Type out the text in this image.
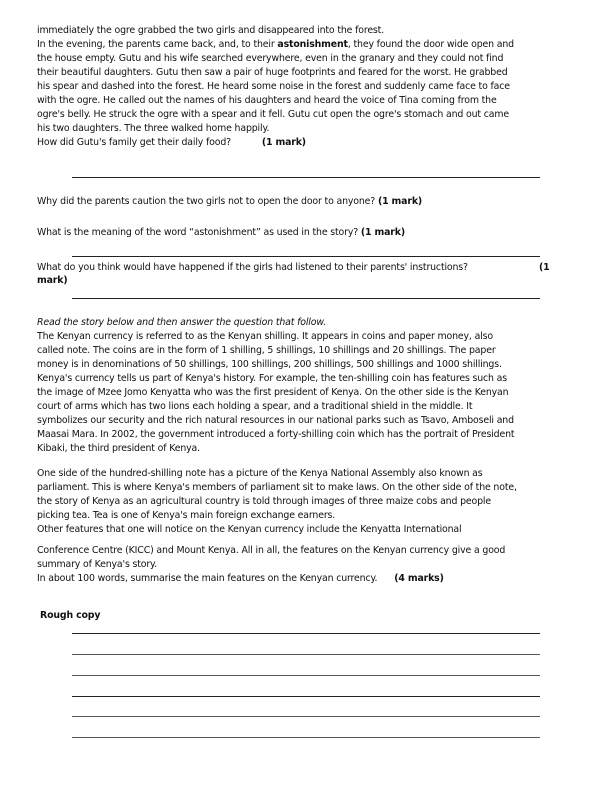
immediately the ogre grabbed the two girls and disappeared into the forest.
In the evening, the parents came back, and, to their astonishment, they found the door wide open and
the house empty. Gutu and his wife searched everywhere, even in the granary and they could not find
their beautiful daughters. Gutu then saw a pair of huge footprints and feared for the worst. He grabbed
his spear and dashed into the forest. He heard some noise in the forest and suddenly came face to face
with the ogre. He called out the names of his daughters and heard the voice of Tina coming from the
ogre's belly. He struck the ogre with a spear and it fell. Gutu cut open the ogre's stomach and out came
his two daughters. The three walked home happily.
How did Gutu's family get their daily food?	(1 mark)
Why did the parents caution the two girls not to open the door to anyone? (1 mark)
What is the meaning of the word “astonishment” as used in the story? (1 mark)
What do you think would have happened if the girls had listened to their parents' instructions?	(1
mark)
Read the story below and then answer the question that follow.
The Kenyan currency is referred to as the Kenyan shilling. It appears in coins and paper money, also
called note. The coins are in the form of 1 shilling, 5 shillings, 10 shillings and 20 shillings. The paper
money is in denominations of 50 shillings, 100 shillings, 200 shillings, 500 shillings and 1000 shillings.
Kenya's currency tells us part of Kenya's history. For example, the ten-shilling coin has features such as
the image of Mzee Jomo Kenyatta who was the first president of Kenya. On the other side is the Kenyan
court of arms which has two lions each holding a spear, and a traditional shield in the middle. It
symbolizes our security and the rich natural resources in our national parks such as Tsavo, Amboseli and
Maasai Mara. In 2002, the government introduced a forty-shilling coin which has the portrait of President
Kibaki, the third president of Kenya.
One side of the hundred-shilling note has a picture of the Kenya National Assembly also known as
parliament. This is where Kenya's members of parliament sit to make laws. On the other side of the note,
the story of Kenya as an agricultural country is told through images of three maize cobs and people
picking tea. Tea is one of Kenya's main foreign exchange earners.
Other features that one will notice on the Kenyan currency include the Kenyatta International
Conference Centre (KICC) and Mount Kenya. All in all, the features on the Kenyan currency give a good
summary of Kenya's story.
In about 100 words, summarise the main features on the Kenyan currency. (4 marks)
Rough copy
